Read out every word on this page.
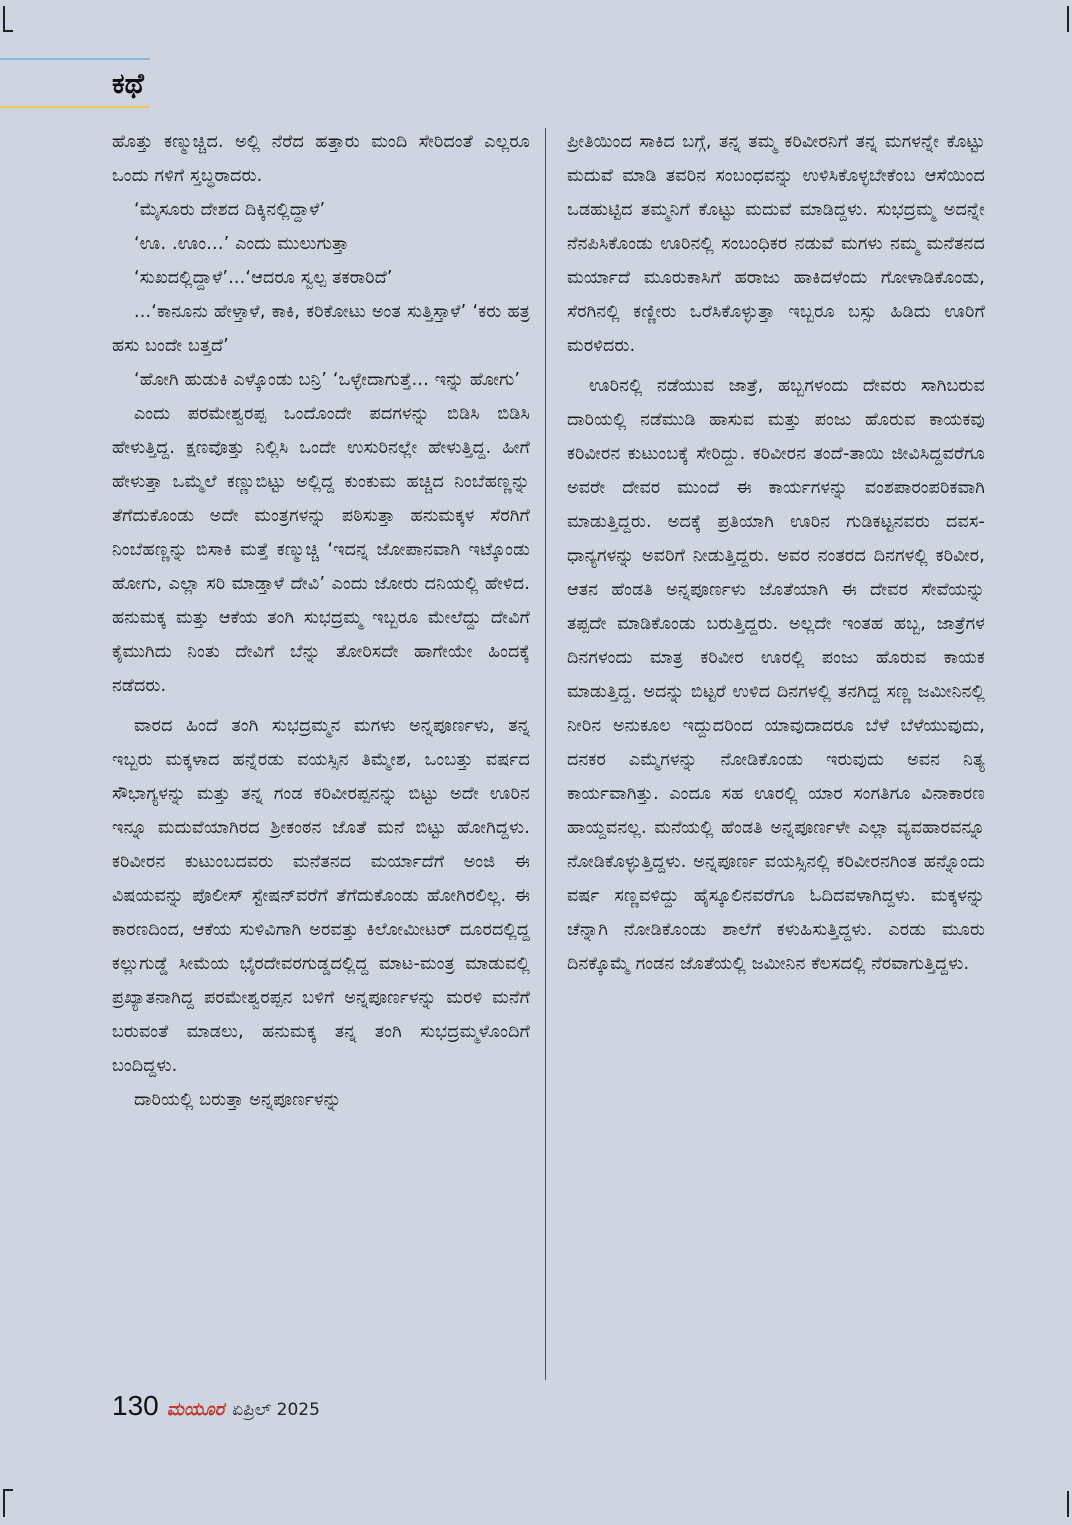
ಕಥೆ

ಹೊತ್ತು ಕಣ್ಮುಚ್ಚಿದ. ಅಲ್ಲಿ ನೆರೆದ ಹತ್ತಾರು ಮಂದಿ ಸೇರಿದಂತೆ ಎಲ್ಲರೂ ಒಂದು ಗಳಿಗೆ ಸ್ತಬ್ಧರಾದರು.

‘ಮೈಸೂರು ದೇಶದ ದಿಕ್ಕಿನಲ್ಲಿದ್ದಾಳೆ’

‘ಊ. .ಊಂ...’ ಎಂದು ಮುಲುಗುತ್ತಾ

‘ಸುಖದಲ್ಲಿದ್ದಾಳೆ’...‘ಆದರೂ ಸ್ವಲ್ಪ ತಕರಾರಿದೆ’

...‘ಕಾನೂನು ಹೇಳ್ತಾಳೆ, ಕಾಕಿ, ಕರಿಕೋಟು ಅಂತ ಸುತ್ತಿಸ್ತಾಳೆ’ ‘ಕರು ಹತ್ರ ಹಸು ಬಂದೇ ಬತ್ತದೆ’

‘ಹೋಗಿ ಹುಡುಕಿ ಎಳ್ಕೊಂಡು ಬನ್ರಿ’ ‘ಒಳ್ಳೇದಾಗುತ್ತೆ... ಇನ್ನು ಹೋಗು’

ಎಂದು ಪರಮೇಶ್ವರಪ್ಪ ಒಂದೊಂದೇ ಪದಗಳನ್ನು ಬಿಡಿಸಿ ಬಿಡಿಸಿ ಹೇಳುತ್ತಿದ್ದ. ಕ್ಷಣವೊತ್ತು ನಿಲ್ಲಿಸಿ ಒಂದೇ ಉಸುರಿನಲ್ಲೇ ಹೇಳುತ್ತಿದ್ದ. ಹೀಗೆ ಹೇಳುತ್ತಾ ಒಮ್ಮೆಲೆ ಕಣ್ಣುಬಿಟ್ಟು ಅಲ್ಲಿದ್ದ ಕುಂಕುಮ ಹಚ್ಚಿದ ನಿಂಬೆಹಣ್ಣನ್ನು ತೆಗೆದುಕೊಂಡು ಅದೇ ಮಂತ್ರಗಳನ್ನು ಪಠಿಸುತ್ತಾ ಹನುಮಕ್ಕಳ ಸೆರಗಿಗೆ ನಿಂಬೆಹಣ್ಣನ್ನು ಬಿಸಾಕಿ ಮತ್ತೆ ಕಣ್ಮುಚ್ಚಿ ‘ಇದನ್ನ ಜೋಪಾನವಾಗಿ ಇಟ್ಕೊಂಡು ಹೋಗು, ಎಲ್ಲಾ ಸರಿ ಮಾಡ್ತಾಳೆ ದೇವಿ’ ಎಂದು ಜೋರು ದನಿಯಲ್ಲಿ ಹೇಳಿದ. ಹನುಮಕ್ಕ ಮತ್ತು ಆಕೆಯ ತಂಗಿ ಸುಭದ್ರಮ್ಮ ಇಬ್ಬರೂ ಮೇಲೆದ್ದು ದೇವಿಗೆ ಕೈಮುಗಿದು ನಿಂತು ದೇವಿಗೆ ಬೆನ್ನು ತೋರಿಸದೇ ಹಾಗೇಯೇ ಹಿಂದಕ್ಕೆ ನಡೆದರು.

ವಾರದ ಹಿಂದೆ ತಂಗಿ ಸುಭದ್ರಮ್ಮನ ಮಗಳು ಅನ್ನಪೂರ್ಣಳು, ತನ್ನ ಇಬ್ಬರು ಮಕ್ಕಳಾದ ಹನ್ನೆರಡು ವಯಸ್ಸಿನ ತಿಮ್ಮೇಶ, ಒಂಬತ್ತು ವರ್ಷದ ಸೌಭಾಗ್ಯಳನ್ನು ಮತ್ತು ತನ್ನ ಗಂಡ ಕರಿವೀರಪ್ಪನನ್ನು ಬಿಟ್ಟು ಅದೇ ಊರಿನ ಇನ್ನೂ ಮದುವೆಯಾಗಿರದ ಶ್ರೀಕಂಠನ ಜೊತೆ ಮನೆ ಬಿಟ್ಟು ಹೋಗಿದ್ದಳು. ಕರಿವೀರನ ಕುಟುಂಬದವರು ಮನೆತನದ ಮರ್ಯಾದೆಗೆ ಅಂಜಿ ಈ ವಿಷಯವನ್ನು ಪೊಲೀಸ್ ಸ್ಟೇಷನ್‌ವರೆಗೆ ತೆಗೆದುಕೊಂಡು ಹೋಗಿರಲಿಲ್ಲ. ಈ ಕಾರಣದಿಂದ, ಆಕೆಯ ಸುಳಿವಿಗಾಗಿ ಅರವತ್ತು ಕಿಲೋಮೀಟರ್ ದೂರದಲ್ಲಿದ್ದ ಕಲ್ಲುಗುಡ್ಡೆ ಸೀಮೆಯ ಭೈರದೇವರಗುಡ್ಡದಲ್ಲಿದ್ದ ಮಾಟ-ಮಂತ್ರ ಮಾಡುವಲ್ಲಿ ಪ್ರಖ್ಯಾತನಾಗಿದ್ದ ಪರಮೇಶ್ವರಪ್ಪನ ಬಳಿಗೆ ಅನ್ನಪೂರ್ಣಳನ್ನು ಮರಳಿ ಮನೆಗೆ ಬರುವಂತೆ ಮಾಡಲು, ಹನುಮಕ್ಕ ತನ್ನ ತಂಗಿ ಸುಭದ್ರಮ್ಮಳೊಂದಿಗೆ ಬಂದಿದ್ದಳು.

ದಾರಿಯಲ್ಲಿ ಬರುತ್ತಾ ಅನ್ನಪೂರ್ಣಳನ್ನು

ಪ್ರೀತಿಯಿಂದ ಸಾಕಿದ ಬಗ್ಗೆ, ತನ್ನ ತಮ್ಮ ಕರಿವೀರನಿಗೆ ತನ್ನ ಮಗಳನ್ನೇ ಕೊಟ್ಟು ಮದುವೆ ಮಾಡಿ ತವರಿನ ಸಂಬಂಧವನ್ನು ಉಳಿಸಿಕೊಳ್ಳಬೇಕೆಂಬ ಆಸೆಯಿಂದ ಒಡಹುಟ್ಟಿದ ತಮ್ಮನಿಗೆ ಕೊಟ್ಟು ಮದುವೆ ಮಾಡಿದ್ದಳು. ಸುಭದ್ರಮ್ಮ ಅದನ್ನೇ ನೆನಪಿಸಿಕೊಂಡು ಊರಿನಲ್ಲಿ ಸಂಬಂಧಿಕರ ನಡುವೆ ಮಗಳು ನಮ್ಮ ಮನೆತನದ ಮರ್ಯಾದೆ ಮೂರುಕಾಸಿಗೆ ಹರಾಜು ಹಾಕಿದಳೆಂದು ಗೋಳಾಡಿಕೊಂಡು, ಸೆರಗಿನಲ್ಲಿ ಕಣ್ಣೀರು ಒರೆಸಿಕೊಳ್ಳುತ್ತಾ ಇಬ್ಬರೂ ಬಸ್ಸು ಹಿಡಿದು ಊರಿಗೆ ಮರಳಿದರು.

ಊರಿನಲ್ಲಿ ನಡೆಯುವ ಜಾತ್ರೆ, ಹಬ್ಬಗಳಂದು ದೇವರು ಸಾಗಿಬರುವ ದಾರಿಯಲ್ಲಿ ನಡೆಮುಡಿ ಹಾಸುವ ಮತ್ತು ಪಂಜು ಹೊರುವ ಕಾಯಕವು ಕರಿವೀರನ ಕುಟುಂಬಕ್ಕೆ ಸೇರಿದ್ದು. ಕರಿವೀರನ ತಂದೆ-ತಾಯಿ ಜೀವಿಸಿದ್ದವರೆಗೂ ಅವರೇ ದೇವರ ಮುಂದೆ ಈ ಕಾರ್ಯಗಳನ್ನು ವಂಶಪಾರಂಪರಿಕವಾಗಿ ಮಾಡುತ್ತಿದ್ದರು. ಅದಕ್ಕೆ ಪ್ರತಿಯಾಗಿ ಊರಿನ ಗುಡಿಕಟ್ಟನವರು ದವಸ- ಧಾನ್ಯಗಳನ್ನು ಅವರಿಗೆ ನೀಡುತ್ತಿದ್ದರು. ಅವರ ನಂತರದ ದಿನಗಳಲ್ಲಿ ಕರಿವೀರ, ಆತನ ಹೆಂಡತಿ ಅನ್ನಪೂರ್ಣಳು ಜೊತೆಯಾಗಿ ಈ ದೇವರ ಸೇವೆಯನ್ನು ತಪ್ಪದೇ ಮಾಡಿಕೊಂಡು ಬರುತ್ತಿದ್ದರು. ಅಲ್ಲದೇ ಇಂತಹ ಹಬ್ಬ, ಜಾತ್ರೆಗಳ ದಿನಗಳಂದು ಮಾತ್ರ ಕರಿವೀರ ಊರಲ್ಲಿ ಪಂಜು ಹೊರುವ ಕಾಯಕ ಮಾಡುತ್ತಿದ್ದ. ಅದನ್ನು ಬಿಟ್ಟರೆ ಉಳಿದ ದಿನಗಳಲ್ಲಿ ತನಗಿದ್ದ ಸಣ್ಣ ಜಮೀನಿನಲ್ಲಿ ನೀರಿನ ಅನುಕೂಲ ಇದ್ದುದರಿಂದ ಯಾವುದಾದರೂ ಬೆಳೆ ಬೆಳೆಯುವುದು, ದನಕರ ಎಮ್ಮೆಗಳನ್ನು ನೋಡಿಕೊಂಡು ಇರುವುದು ಅವನ ನಿತ್ಯ ಕಾರ್ಯವಾಗಿತ್ತು. ಎಂದೂ ಸಹ ಊರಲ್ಲಿ ಯಾರ ಸಂಗತಿಗೂ ವಿನಾಕಾರಣ ಹಾಯ್ದವನಲ್ಲ. ಮನೆಯಲ್ಲಿ ಹೆಂಡತಿ ಅನ್ನಪೂರ್ಣಳೇ ಎಲ್ಲಾ ವ್ಯವಹಾರವನ್ನೂ ನೋಡಿಕೊಳ್ಳುತ್ತಿದ್ದಳು. ಅನ್ನಪೂರ್ಣ ವಯಸ್ಸಿನಲ್ಲಿ ಕರಿವೀರನಗಿಂತ ಹನ್ನೊಂದು ವರ್ಷ ಸಣ್ಣವಳಿದ್ದು ಹೈಸ್ಕೂಲಿನವರೆಗೂ ಓದಿದವಳಾಗಿದ್ದಳು. ಮಕ್ಕಳನ್ನು ಚೆನ್ನಾಗಿ ನೋಡಿಕೊಂಡು ಶಾಲೆಗೆ ಕಳುಹಿಸುತ್ತಿದ್ದಳು. ಎರಡು ಮೂರು ದಿನಕ್ಕೊಮ್ಮೆ ಗಂಡನ ಜೊತೆಯಲ್ಲಿ ಜಮೀನಿನ ಕೆಲಸದಲ್ಲಿ ನೆರವಾಗುತ್ತಿದ್ದಳು.

130 ಮಯೂರ ಏಪ್ರಿಲ್ 2025
